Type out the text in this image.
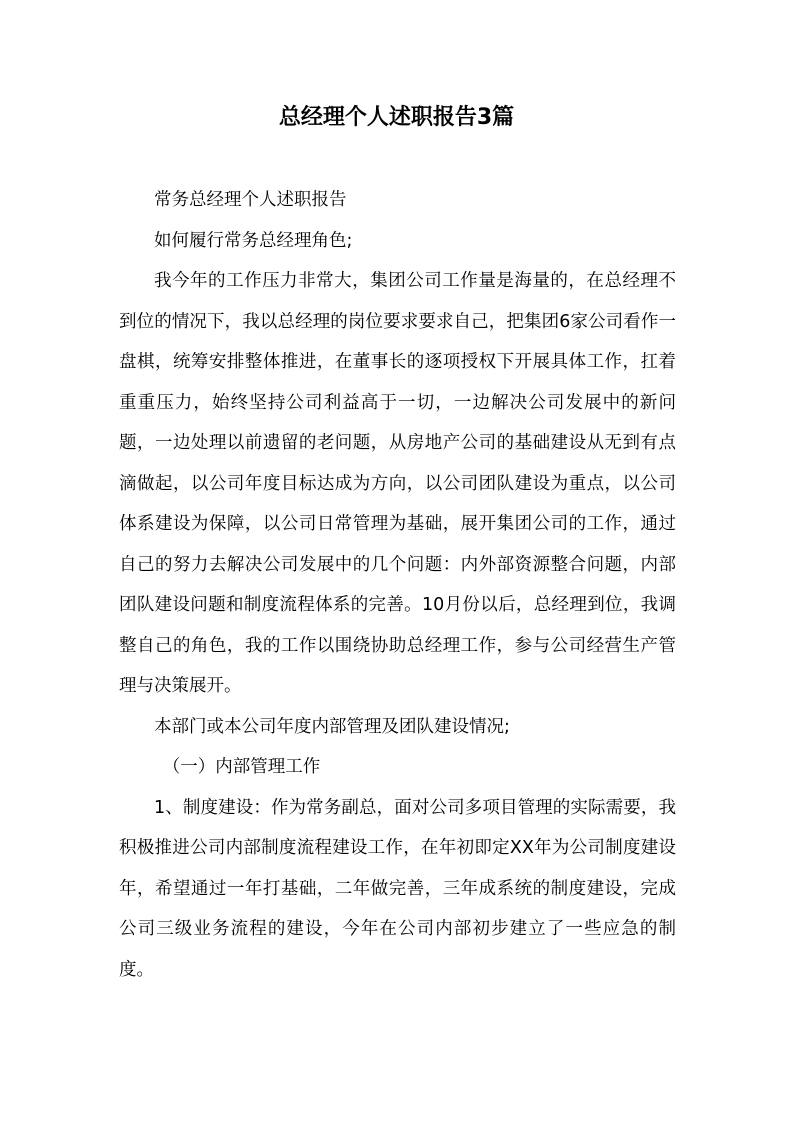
总经理个人述职报告3篇

常务总经理个人述职报告

如何履行常务总经理角色;

我今年的工作压力非常大，集团公司工作量是海量的，在总经理不到位的情况下，我以总经理的岗位要求要求自己，把集团6家公司看作一盘棋，统筹安排整体推进，在董事长的逐项授权下开展具体工作，扛着重重压力，始终坚持公司利益高于一切，一边解决公司发展中的新问题，一边处理以前遗留的老问题，从房地产公司的基础建设从无到有点滴做起，以公司年度目标达成为方向，以公司团队建设为重点，以公司体系建设为保障，以公司日常管理为基础，展开集团公司的工作，通过自己的努力去解决公司发展中的几个问题：内外部资源整合问题，内部团队建设问题和制度流程体系的完善。10月份以后，总经理到位，我调整自己的角色，我的工作以围绕协助总经理工作，参与公司经营生产管理与决策展开。

本部门或本公司年度内部管理及团队建设情况;

（一）内部管理工作

1、制度建设：作为常务副总，面对公司多项目管理的实际需要，我积极推进公司内部制度流程建设工作，在年初即定XX年为公司制度建设年，希望通过一年打基础，二年做完善，三年成系统的制度建设，完成公司三级业务流程的建设，今年在公司内部初步建立了一些应急的制度。
